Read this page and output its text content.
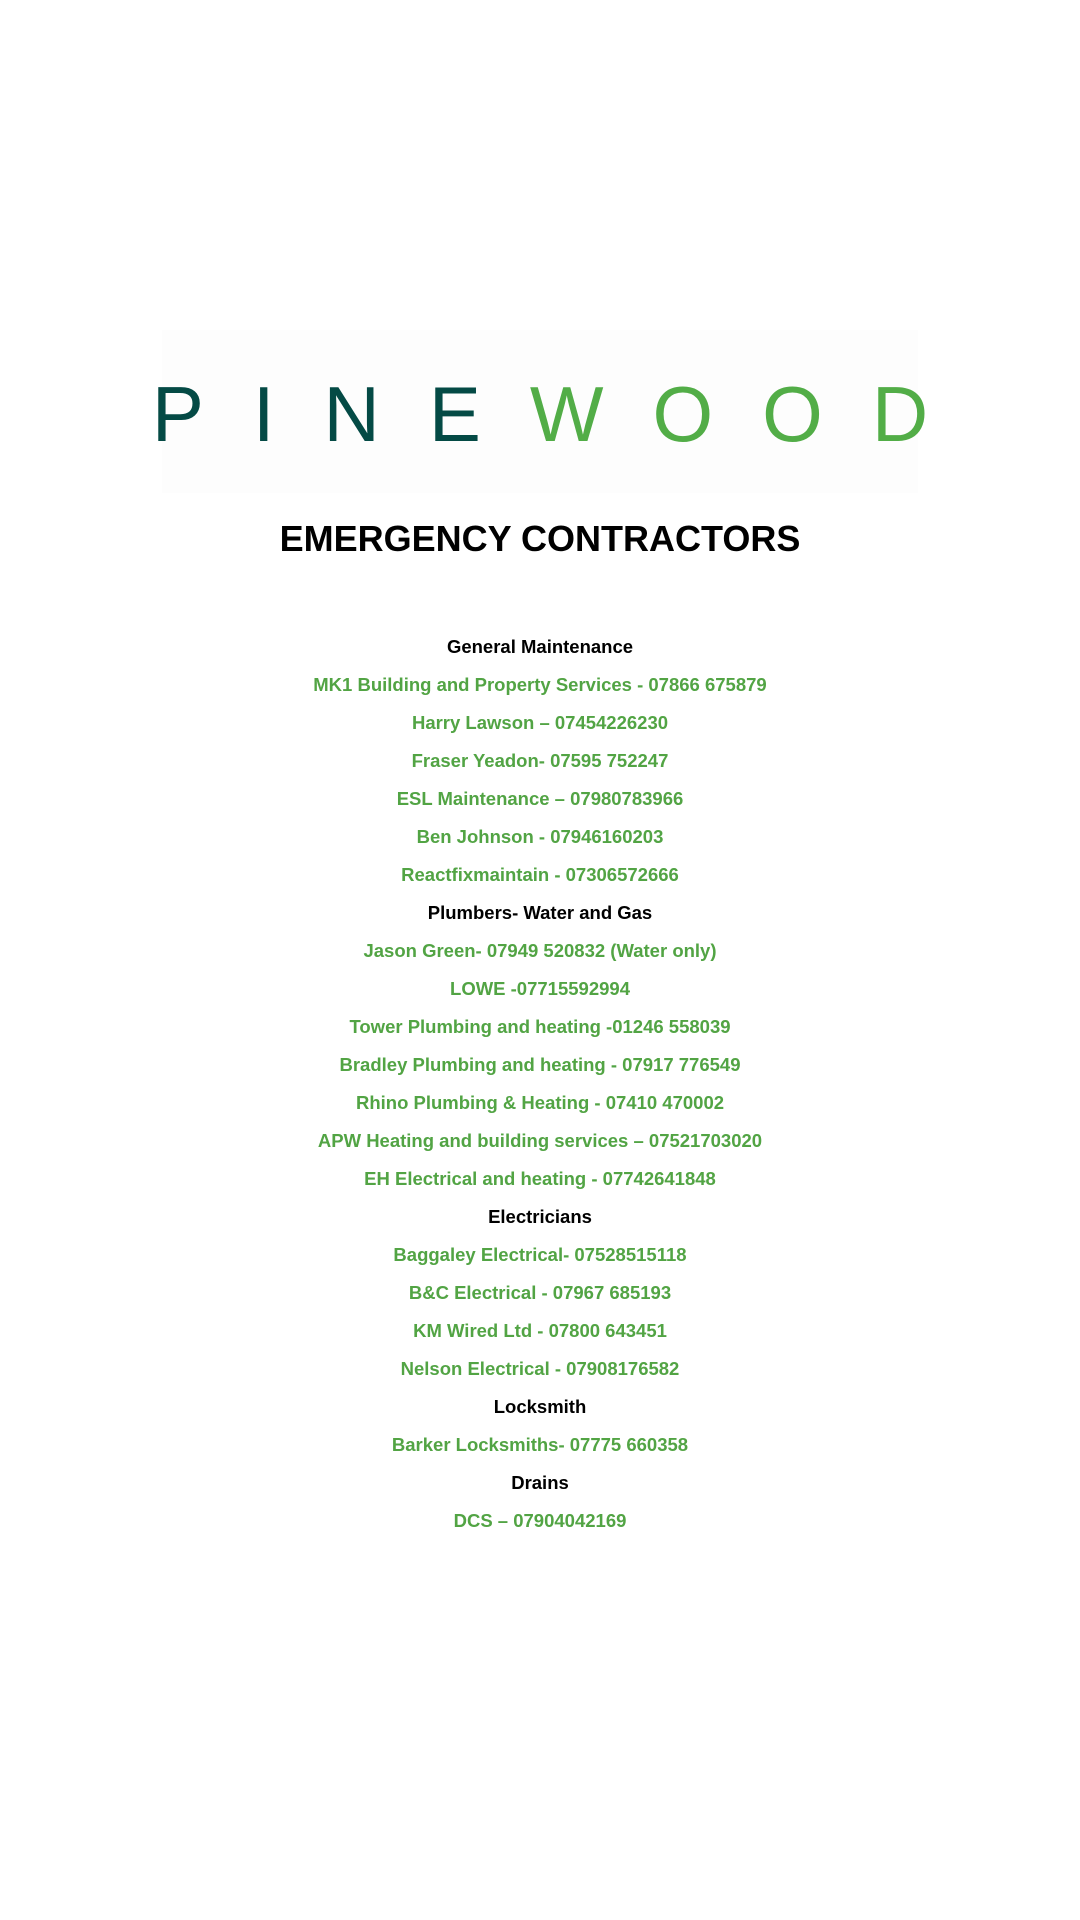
PINE WOOD
EMERGENCY CONTRACTORS
General Maintenance
MK1 Building and Property Services - 07866 675879
Harry Lawson – 07454226230
Fraser Yeadon- 07595 752247
ESL Maintenance – 07980783966
Ben Johnson - 07946160203
Reactfixmaintain - 07306572666
Plumbers- Water and Gas
Jason Green- 07949 520832 (Water only)
LOWE -07715592994
Tower Plumbing and heating -01246 558039
Bradley Plumbing and heating - 07917 776549
Rhino Plumbing & Heating - 07410 470002
APW Heating and building services – 07521703020
EH Electrical and heating - 07742641848
Electricians
Baggaley Electrical- 07528515118
B&C Electrical - 07967 685193
KM Wired Ltd - 07800 643451
Nelson Electrical - 07908176582
Locksmith
Barker Locksmiths- 07775 660358
Drains
DCS – 07904042169
